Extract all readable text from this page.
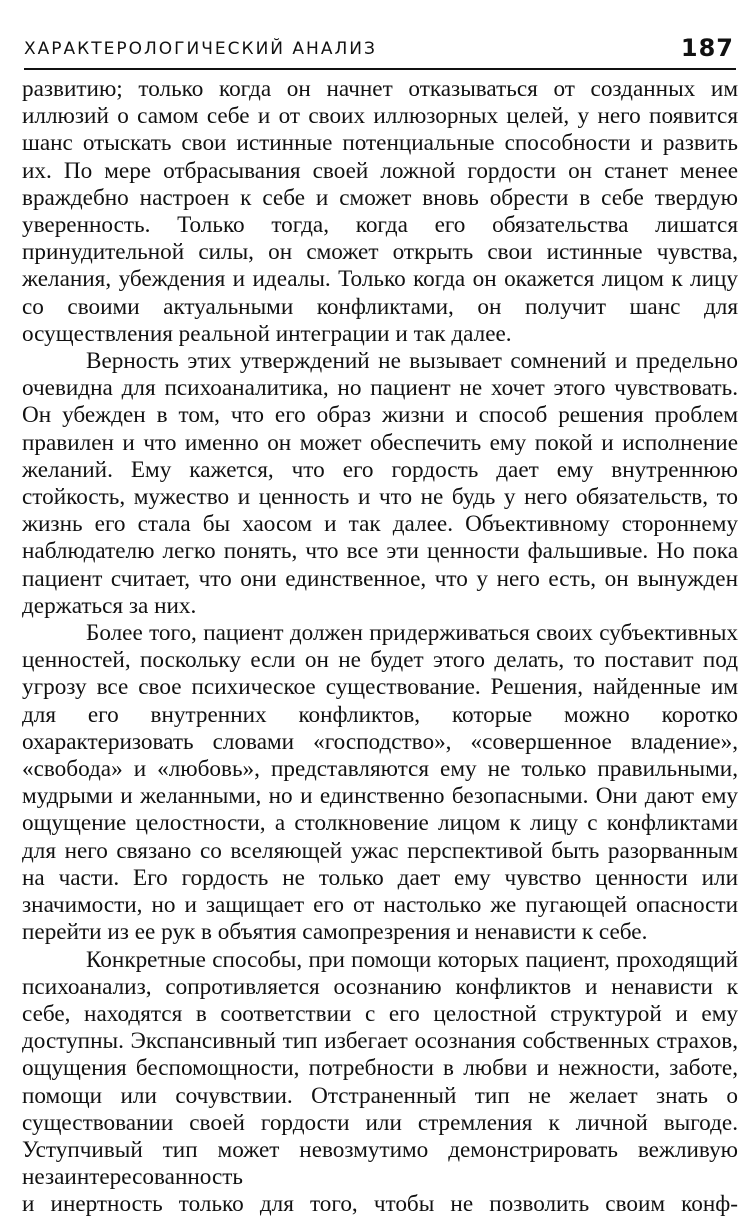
ХАРАКТЕРОЛОГИЧЕСКИЙ АНАЛИЗ	187

развитию; только когда он начнет отказываться от созданных им иллюзий о самом себе и от своих иллюзорных целей, у него появится шанс отыскать свои истинные потенциальные способности и развить их. По мере отбрасывания своей ложной гордости он станет менее враждебно настроен к себе и сможет вновь обрести в себе твердую уверенность. Только тогда, когда его обязательства лишатся принудительной силы, он сможет открыть свои истинные чувства, желания, убеждения и идеалы. Только когда он окажется лицом к лицу со своими актуальными конфликтами, он получит шанс для осуществления реальной интеграции и так далее.

Верность этих утверждений не вызывает сомнений и предельно очевидна для психоаналитика, но пациент не хочет этого чувствовать. Он убежден в том, что его образ жизни и способ решения проблем правилен и что именно он может обеспечить ему покой и исполнение желаний. Ему кажется, что его гордость дает ему внутреннюю стойкость, мужество и ценность и что не будь у него обязательств, то жизнь его стала бы хаосом и так далее. Объективному стороннему наблюдателю легко понять, что все эти ценности фальшивые. Но пока пациент считает, что они единственное, что у него есть, он вынужден держаться за них.

Более того, пациент должен придерживаться своих субъективных ценностей, поскольку если он не будет этого делать, то поставит под угрозу все свое психическое существование. Решения, найденные им для его внутренних конфликтов, которые можно коротко охарактеризовать словами «господство», «совершенное владение», «свобода» и «любовь», представляются ему не только правильными, мудрыми и желанными, но и единственно безопасными. Они дают ему ощущение целостности, а столкновение лицом к лицу с конфликтами для него связано со вселяющей ужас перспективой быть разорванным на части. Его гордость не только дает ему чувство ценности или значимости, но и защищает его от настолько же пугающей опасности перейти из ее рук в объятия самопрезрения и ненависти к себе.

Конкретные способы, при помощи которых пациент, проходящий психоанализ, сопротивляется осознанию конфликтов и ненависти к себе, находятся в соответствии с его целостной структурой и ему доступны. Экспансивный тип избегает осознания собственных страхов, ощущения беспомощности, потребности в любви и нежности, заботе, помощи или сочувствии. Отстраненный тип не желает знать о существовании своей гордости или стремления к личной выгоде. Уступчивый тип может невозмутимо демонстрировать вежливую незаинтересованность

и инертность только для того, чтобы не позволить своим конф-
